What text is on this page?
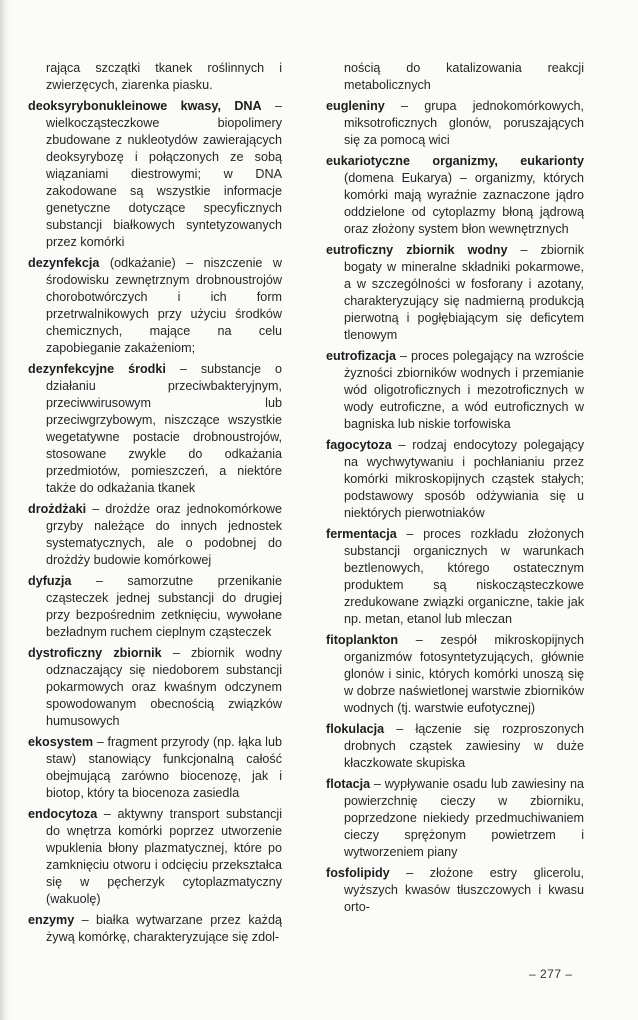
rająca szczątki tkanek roślinnych i zwierzęcych, ziarenka piasku.

deoksyrybonukleinowe kwasy, DNA – wielkocząsteczkowe biopolimery zbudowane z nukleotydów zawierających deoksyrybozę i połączonych ze sobą wiązaniami diestrowymi; w DNA zakodowane są wszystkie informacje genetyczne dotyczące specyficznych substancji białkowych syntetyzowanych przez komórki

dezynfekcja (odkażanie) – niszczenie w środowisku zewnętrznym drobnoustrojów chorobotwórczych i ich form przetrwalnikowych przy użyciu środków chemicznych, mające na celu zapobieganie zakażeniom;

dezynfekcyjne środki – substancje o działaniu przeciwbakteryjnym, przeciwwirusowym lub przeciwgrzybowym, niszczące wszystkie wegetatywne postacie drobnoustrojów, stosowane zwykle do odkażania przedmiotów, pomieszczeń, a niektóre także do odkażania tkanek

drożdżaki – drożdże oraz jednokomórkowe grzyby należące do innych jednostek systematycznych, ale o podobnej do drożdży budowie komórkowej

dyfuzja – samorzutne przenikanie cząsteczek jednej substancji do drugiej przy bezpośrednim zetknięciu, wywołane bezładnym ruchem cieplnym cząsteczek

dystroficzny zbiornik – zbiornik wodny odznaczający się niedoborem substancji pokarmowych oraz kwaśnym odczynem spowodowanym obecnością związków humusowych

ekosystem – fragment przyrody (np. łąka lub staw) stanowiący funkcjonalną całość obejmującą zarówno biocenozę, jak i biotop, który ta biocenoza zasiedla

endocytoza – aktywny transport substancji do wnętrza komórki poprzez utworzenie wpuklenia błony plazmatycznej, które po zamknięciu otworu i odcięciu przekształca się w pęcherzyk cytoplazmatyczny (wakuolę)

enzymy – białka wytwarzane przez każdą żywą komórkę, charakteryzujące się zdol-

nością do katalizowania reakcji metabolicznych

eugleniny – grupa jednokomórkowych, miksotroficznych glonów, poruszających się za pomocą wici

eukariotyczne organizmy, eukarionty (domena Eukarya) – organizmy, których komórki mają wyraźnie zaznaczone jądro oddzielone od cytoplazmy błoną jądrową oraz złożony system błon wewnętrznych

eutroficzny zbiornik wodny – zbiornik bogaty w mineralne składniki pokarmowe, a w szczególności w fosforany i azotany, charakteryzujący się nadmierną produkcją pierwotną i pogłębiającym się deficytem tlenowym

eutrofizacja – proces polegający na wzroście żyzności zbiorników wodnych i przemianie wód oligotroficznych i mezotroficznych w wody eutroficzne, a wód eutroficznych w bagniska lub niskie torfowiska

fagocytoza – rodzaj endocytozy polegający na wychwytywaniu i pochłanianiu przez komórki mikroskopijnych cząstek stałych; podstawowy sposób odżywiania się u niektórych pierwotniaków

fermentacja – proces rozkładu złożonych substancji organicznych w warunkach beztlenowych, którego ostatecznym produktem są niskocząsteczkowe zredukowane związki organiczne, takie jak np. metan, etanol lub mleczan

fitoplankton – zespół mikroskopijnych organizmów fotosyntetyzujących, głównie glonów i sinic, których komórki unoszą się w dobrze naświetlonej warstwie zbiorników wodnych (tj. warstwie eufotycznej)

flokulacja – łączenie się rozproszonych drobnych cząstek zawiesiny w duże kłaczkowate skupiska

flotacja – wypływanie osadu lub zawiesiny na powierzchnię cieczy w zbiorniku, poprzedzone niekiedy przedmuchiwaniem cieczy sprężonym powietrzem i wytworzeniem piany

fosfolipidy – złożone estry glicerolu, wyższych kwasów tłuszczowych i kwasu orto-

– 277 –
